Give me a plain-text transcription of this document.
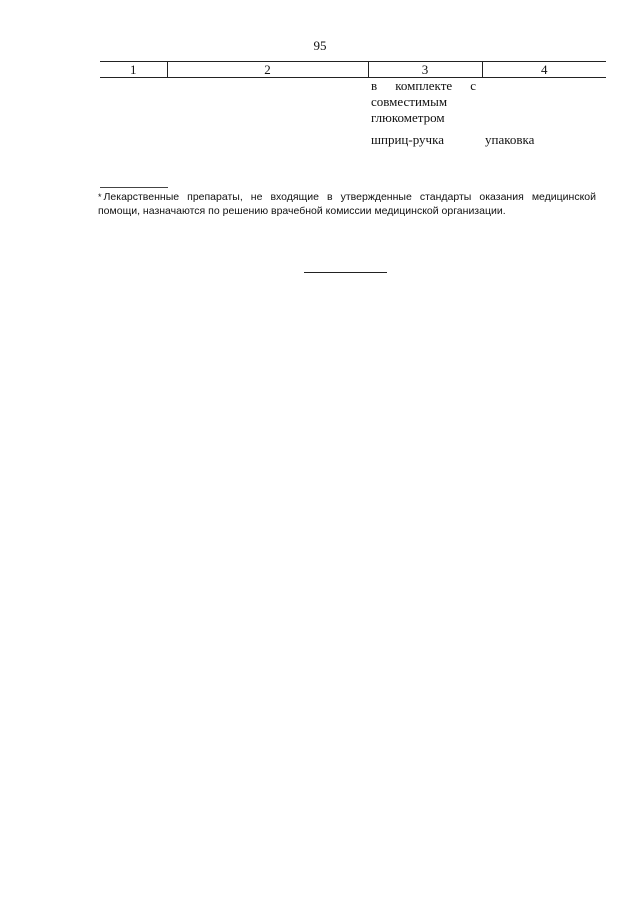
95
1	2	3	4

		в комплекте с совместимым глюкометром	

		шприц-ручка	упаковка
* Лекарственные препараты, не входящие в утвержденные стандарты оказания медицинской помощи, назначаются по решению врачебной комиссии медицинской организации.
